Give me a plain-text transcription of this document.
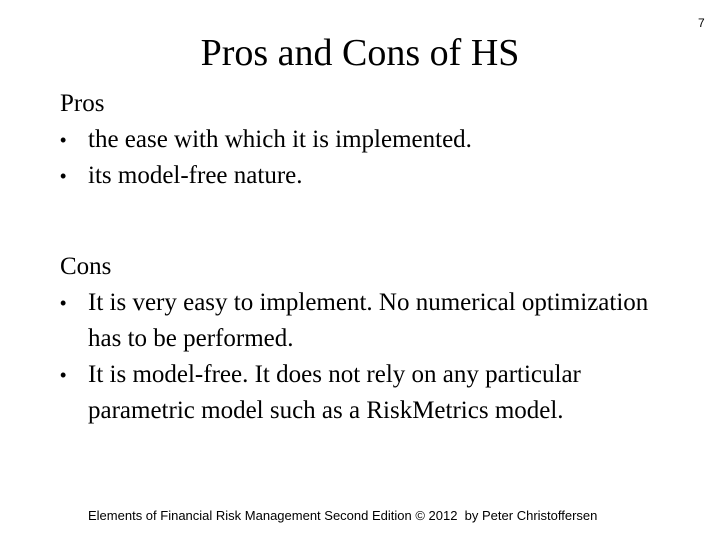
7
Pros and Cons of HS
Pros
• the ease with which it is implemented.
• its model-free nature.
Cons
• It is very easy to implement. No numerical optimization has to be performed.
• It is model-free. It does not rely on any particular parametric model such as a RiskMetrics model.
Elements of Financial Risk Management Second Edition © 2012  by Peter Christoffersen
